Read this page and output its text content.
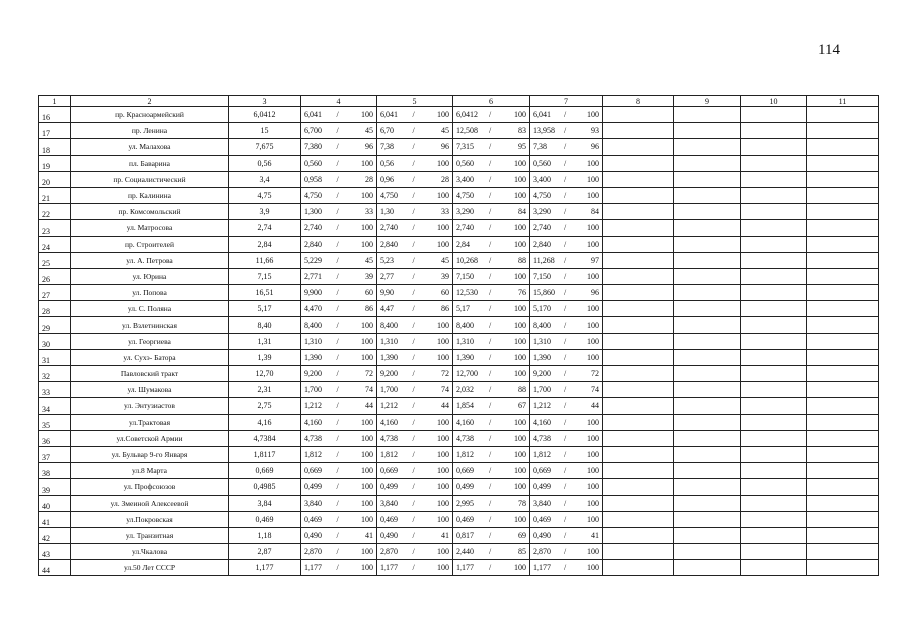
114
1	2	3	4	5	6	7	8	9	10	11
16	пр. Красноармейский	6,0412	6,041 / 100	6,041 / 100	6,0412 / 100	6,041 / 100				

17	пр. Ленина	15	6,700 / 45	6,70 / 45	12,508 / 83	13,958 / 93				

18	ул. Малахова	7,675	7,380 / 96	7,38 / 96	7,315 / 95	7,38 / 96				

19	пл. Баварина	0,56	0,560 / 100	0,56 / 100	0,560 / 100	0,560 / 100				

20	пр. Социалистический	3,4	0,958 / 28	0,96 / 28	3,400 / 100	3,400 / 100				

21	пр. Калинина	4,75	4,750 / 100	4,750 / 100	4,750 / 100	4,750 / 100				

22	пр. Комсомольский	3,9	1,300 / 33	1,30 / 33	3,290 / 84	3,290 / 84				

23	ул. Матросова	2,74	2,740 / 100	2,740 / 100	2,740 / 100	2,740 / 100				

24	пр. Строителей	2,84	2,840 / 100	2,840 / 100	2,84 / 100	2,840 / 100				

25	ул. А. Петрова	11,66	5,229 / 45	5,23 / 45	10,268 / 88	11,268 / 97				

26	ул. Юрина	7,15	2,771 / 39	2,77 / 39	7,150 / 100	7,150 / 100				

27	ул. Попова	16,51	9,900 / 60	9,90 / 60	12,530 / 76	15,860 / 96				

28	ул. С. Поляна	5,17	4,470 / 86	4,47 / 86	5,17 / 100	5,170 / 100				

29	ул. Взлетнинская	8,40	8,400 / 100	8,400 / 100	8,400 / 100	8,400 / 100				

30	ул. Георгиева	1,31	1,310 / 100	1,310 / 100	1,310 / 100	1,310 / 100				

31	ул. Сухэ- Батора	1,39	1,390 / 100	1,390 / 100	1,390 / 100	1,390 / 100				

32	Павловский тракт	12,70	9,200 / 72	9,200 / 72	12,700 / 100	9,200 / 72				

33	ул. Шумакова	2,31	1,700 / 74	1,700 / 74	2,032 / 88	1,700 / 74				

34	ул. Энтузиастов	2,75	1,212 / 44	1,212 / 44	1,854 / 67	1,212 / 44				

35	ул.Трактовая	4,16	4,160 / 100	4,160 / 100	4,160 / 100	4,160 / 100				

36	ул.Советской Армии	4,7384	4,738 / 100	4,738 / 100	4,738 / 100	4,738 / 100				

37	ул. Бульвар 9-го Января	1,8117	1,812 / 100	1,812 / 100	1,812 / 100	1,812 / 100				

38	ул.8 Марта	0,669	0,669 / 100	0,669 / 100	0,669 / 100	0,669 / 100				

39	ул. Профсоюзов	0,4985	0,499 / 100	0,499 / 100	0,499 / 100	0,499 / 100				

40	ул. Змеиной Алексеевой	3,84	3,840 / 100	3,840 / 100	2,995 / 78	3,840 / 100				

41	ул.Покровская	0,469	0,469 / 100	0,469 / 100	0,469 / 100	0,469 / 100				

42	ул. Транзитная	1,18	0,490 / 41	0,490 / 41	0,817 / 69	0,490 / 41				

43	ул.Чкалова	2,87	2,870 / 100	2,870 / 100	2,440 / 85	2,870 / 100				

44	ул.50 Лет СССР	1,177	1,177 / 100	1,177 / 100	1,177 / 100	1,177 / 100				
